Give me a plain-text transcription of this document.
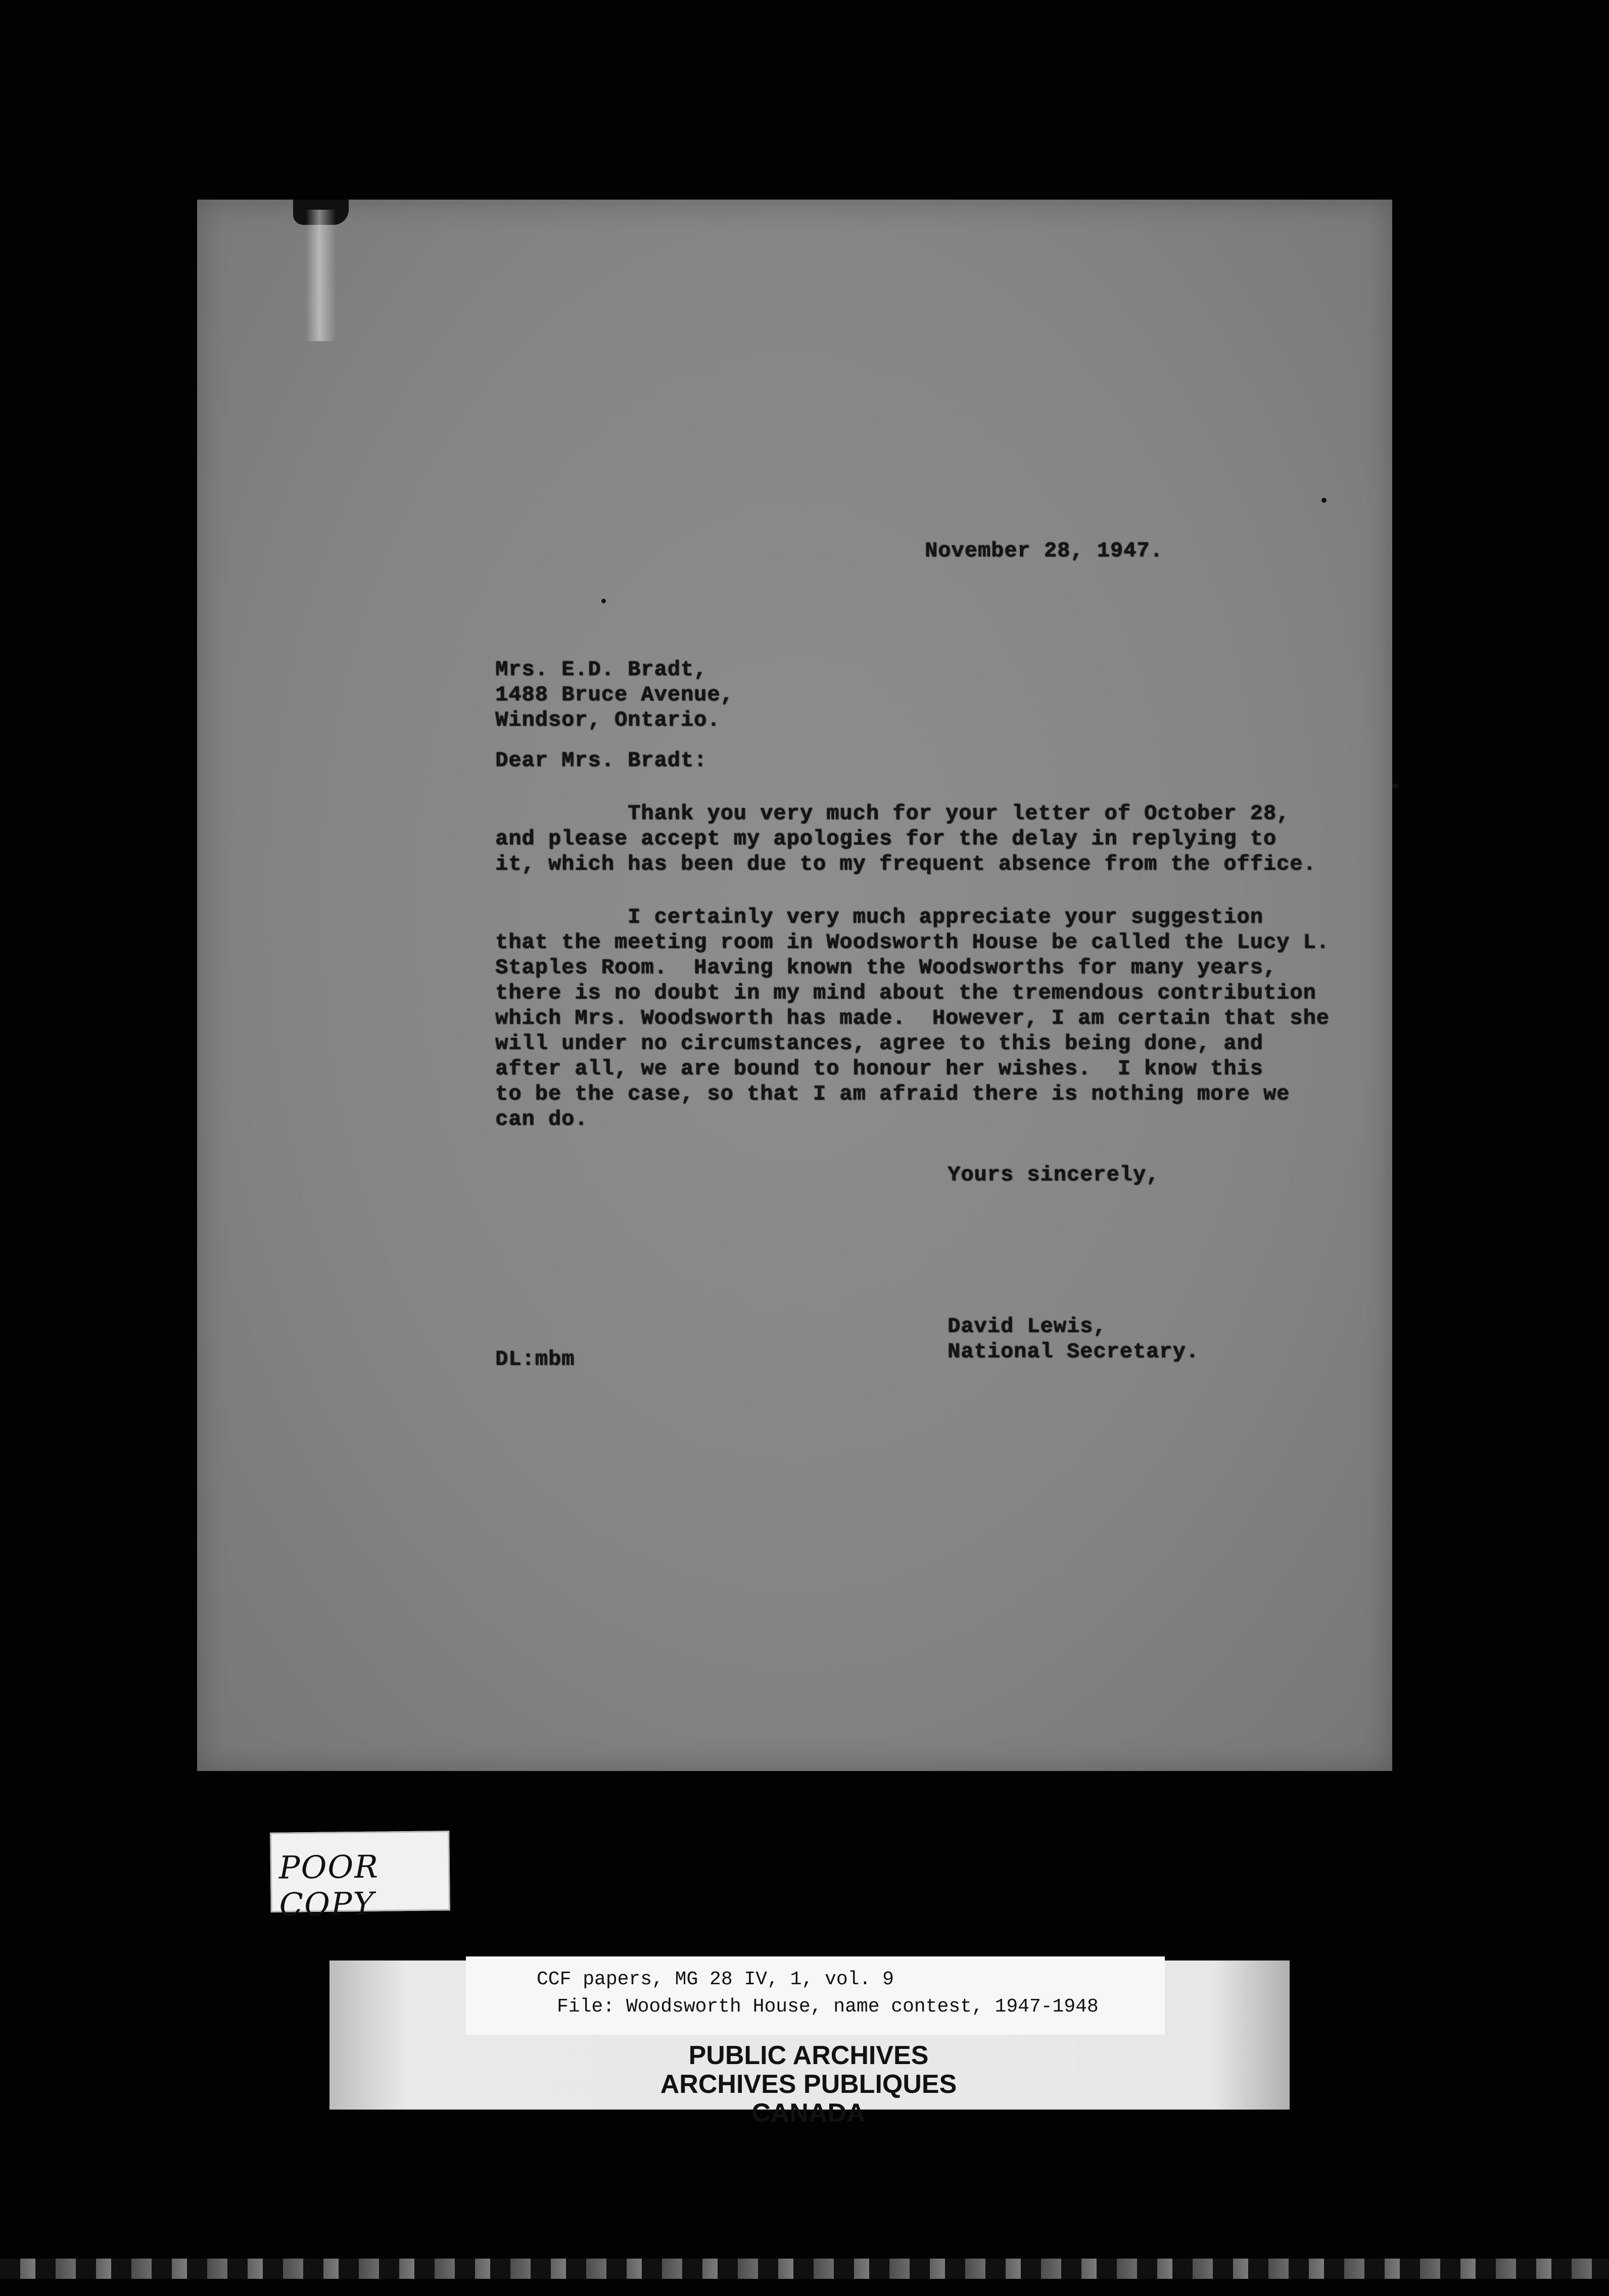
November 28, 1947.
Mrs. E.D. Bradt,
1488 Bruce Avenue,
Windsor, Ontario.
Dear Mrs. Bradt:
Thank you very much for your letter of October 28,
and please accept my apologies for the delay in replying to
it, which has been due to my frequent absence from the office.
I certainly very much appreciate your suggestion
that the meeting room in Woodsworth House be called the Lucy L.
Staples Room.  Having known the Woodsworths for many years,
there is no doubt in my mind about the tremendous contribution
which Mrs. Woodsworth has made.  However, I am certain that she
will under no circumstances, agree to this being done, and
after all, we are bound to honour her wishes.  I know this
to be the case, so that I am afraid there is nothing more we
can do.
Yours sincerely,
David Lewis,
National Secretary.
DL:mbm
POOR COPY
CCF papers, MG 28 IV, 1, vol. 9
File: Woodsworth House, name contest, 1947-1948
PUBLIC ARCHIVES
ARCHIVES PUBLIQUES
CANADA
